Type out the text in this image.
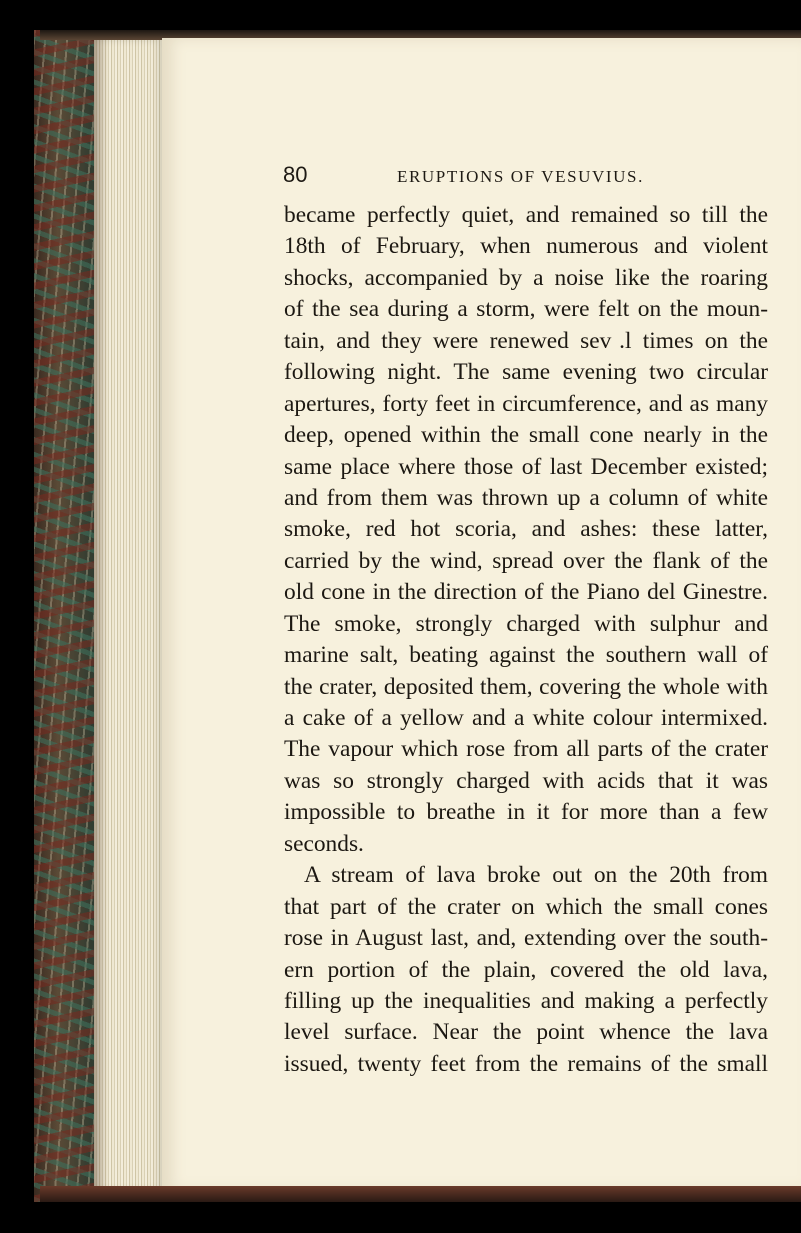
80	ERUPTIONS OF VESUVIUS.
became perfectly quiet, and remained so till the
18th of February, when numerous and violent
shocks, accompanied by a noise like the roaring
of the sea during a storm, were felt on the moun-
tain, and they were renewed sev  .l times on the
following night. The same evening two circular
apertures, forty feet in circumference, and as many
deep, opened within the small cone nearly in the
same place where those of last December existed;
and from them was thrown up a column of white
smoke, red hot scoria, and ashes: these latter,
carried by the wind, spread over the flank of the
old cone in the direction of the Piano del Ginestre.
The smoke, strongly charged with sulphur and
marine salt, beating against the southern wall of
the crater, deposited them, covering the whole with
a cake of a yellow and a white colour intermixed.
The vapour which rose from all parts of the crater
was so strongly charged with acids that it was
impossible to breathe in it for more than a few
seconds.
A stream of lava broke out on the 20th from
that part of the crater on which the small cones
rose in August last, and, extending over the south-
ern portion of the plain, covered the old lava,
filling up the inequalities and making a perfectly
level surface. Near the point whence the lava
issued, twenty feet from the remains of the small
